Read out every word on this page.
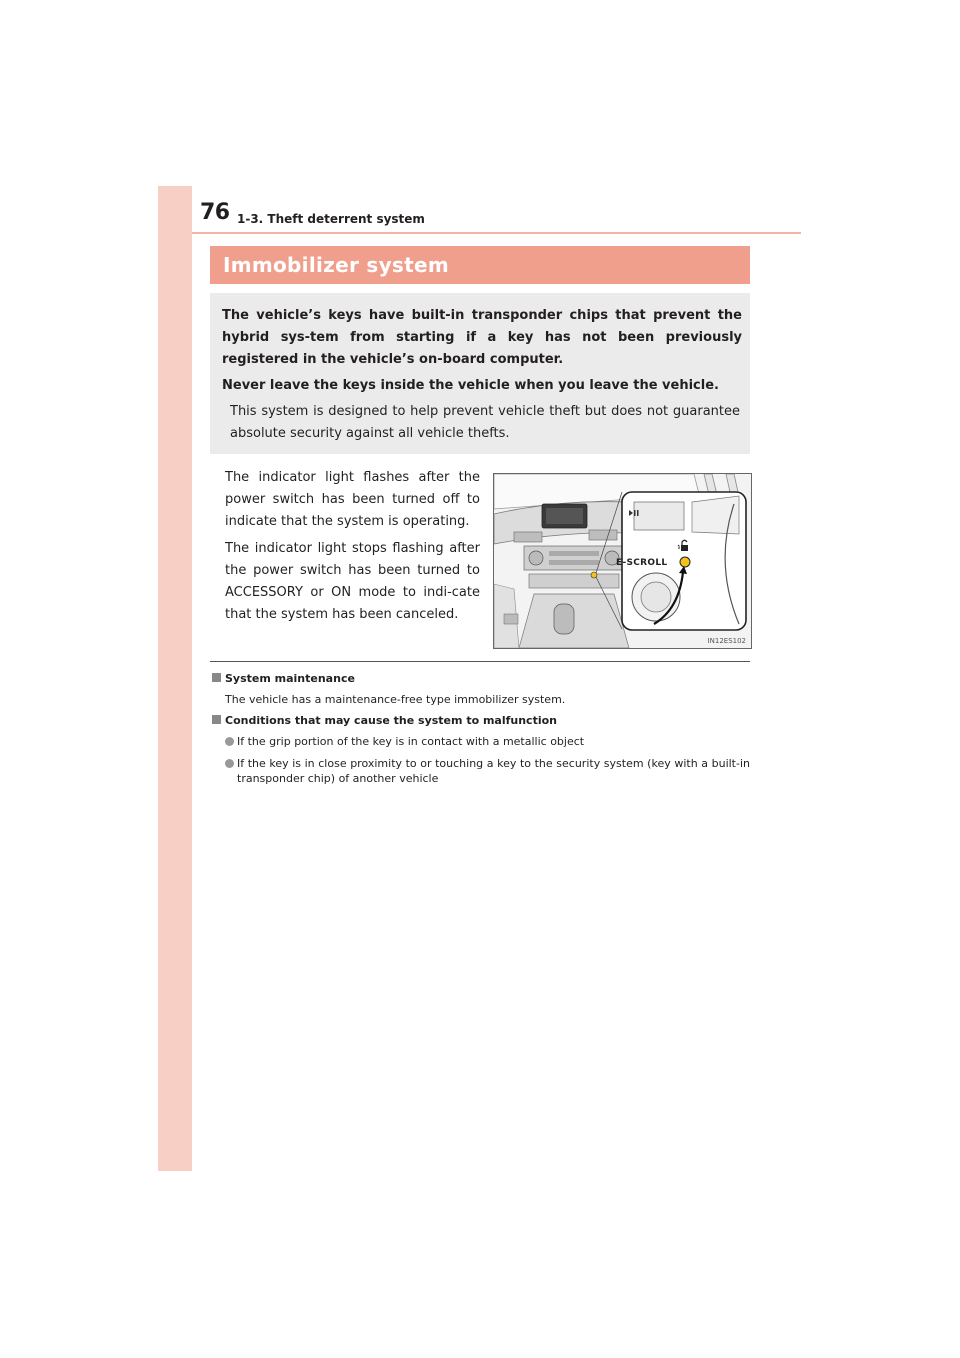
76 1-3. Theft deterrent system
Immobilizer system

The vehicle’s keys have built-in transponder chips that prevent the hybrid sys-tem from starting if a key has not been previously registered in the vehicle’s on-board computer.

Never leave the keys inside the vehicle when you leave the vehicle.

This system is designed to help prevent vehicle theft but does not guarantee absolute security against all vehicle thefts.

The indicator light flashes after the power switch has been turned off to indicate that the system is operating.

The indicator light stops flashing after the power switch has been turned to ACCESSORY or ON mode to indi-cate that the system has been canceled.

E-SCROLL
IN12ES102
System maintenance

The vehicle has a maintenance-free type immobilizer system.

Conditions that may cause the system to malfunction
If the grip portion of the key is in contact with a metallic object
If the key is in close proximity to or touching a key to the security system (key with a built-in transponder chip) of another vehicle
